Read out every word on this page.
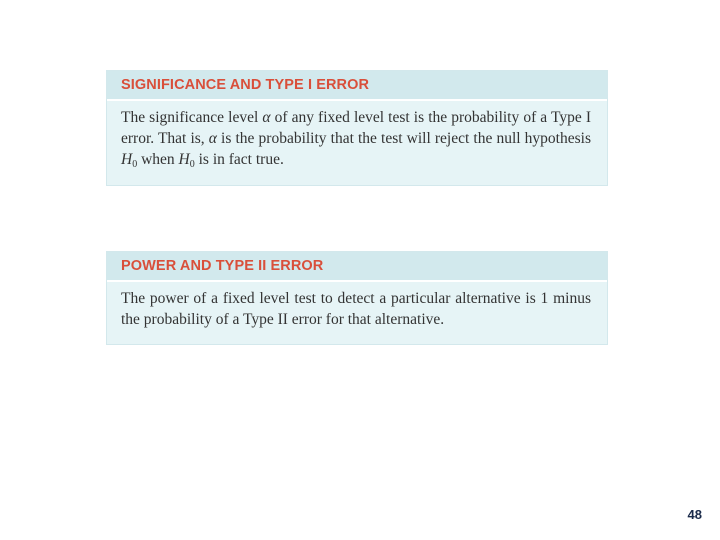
SIGNIFICANCE AND TYPE I ERROR
The significance level α of any fixed level test is the probability of a Type I error. That is, α is the probability that the test will reject the null hypothesis $H_0$ when $H_0$ is in fact true.
POWER AND TYPE II ERROR
The power of a fixed level test to detect a particular alternative is 1 minus the probability of a Type II error for that alternative.
48
